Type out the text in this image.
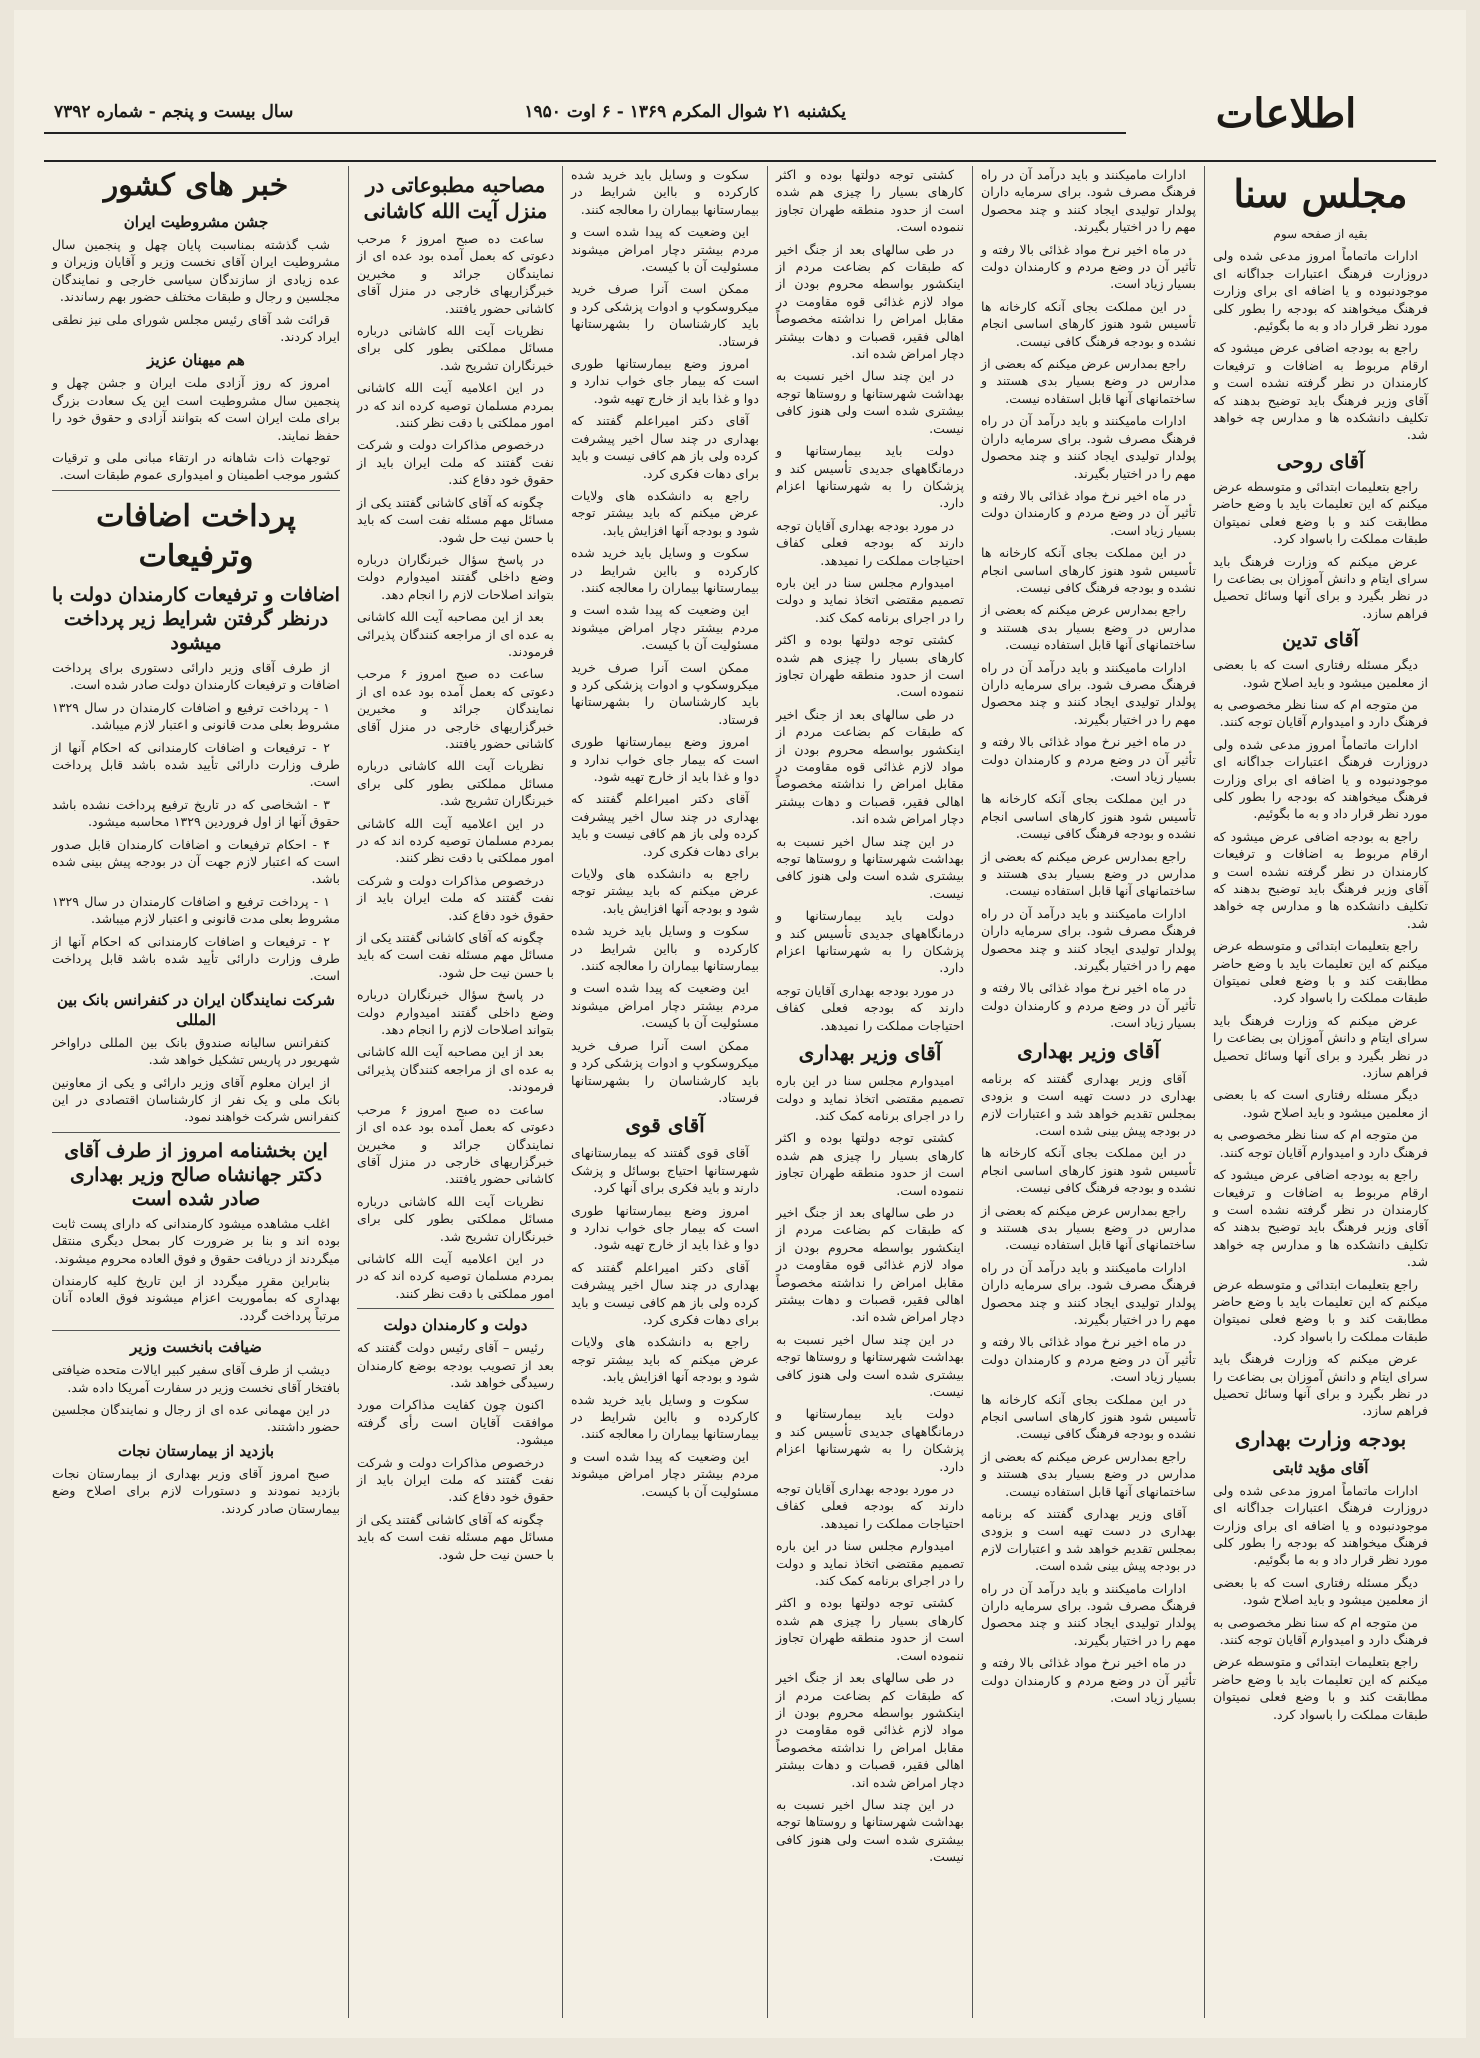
اطلاعات
یکشنبه ۲۱ شوال المکرم ۱۳۶۹ - ۶ اوت ۱۹۵۰
سال بیست و پنجم - شماره ۷۳۹۲
مجلس سنا
بقیه از صفحه سوم

ادارات ماتماماً امروز مدعی شده ولی دروزارت فرهنگ اعتبارات جداگانه ای موجودنبوده و یا اضافه ای برای وزارت فرهنگ میخواهند که بودجه را بطور کلی مورد نظر قرار داد و به ما بگوئیم.

راجع به بودجه اضافی عرض میشود که ارقام مربوط به اضافات و ترفیعات کارمندان در نظر گرفته نشده است و آقای وزیر فرهنگ باید توضیح بدهند که تکلیف دانشکده ها و مدارس چه خواهد شد.

آقای روحی

راجع بتعلیمات ابتدائی و متوسطه عرض میکنم که این تعلیمات باید با وضع حاضر مطابقت کند و با وضع فعلی نمیتوان طبقات مملکت را باسواد کرد.

عرض میکنم که وزارت فرهنگ باید سرای ایتام و دانش آموزان بی بضاعت را در نظر بگیرد و برای آنها وسائل تحصیل فراهم سازد.

آقای تدین

دیگر مسئله رفتاری است که با بعضی از معلمین میشود و باید اصلاح شود.

من متوجه ام که سنا نظر مخصوصی به فرهنگ دارد و امیدوارم آقایان توجه کنند.

ادارات ماتماماً امروز مدعی شده ولی دروزارت فرهنگ اعتبارات جداگانه ای موجودنبوده و یا اضافه ای برای وزارت فرهنگ میخواهند که بودجه را بطور کلی مورد نظر قرار داد و به ما بگوئیم.

راجع به بودجه اضافی عرض میشود که ارقام مربوط به اضافات و ترفیعات کارمندان در نظر گرفته نشده است و آقای وزیر فرهنگ باید توضیح بدهند که تکلیف دانشکده ها و مدارس چه خواهد شد.

راجع بتعلیمات ابتدائی و متوسطه عرض میکنم که این تعلیمات باید با وضع حاضر مطابقت کند و با وضع فعلی نمیتوان طبقات مملکت را باسواد کرد.

عرض میکنم که وزارت فرهنگ باید سرای ایتام و دانش آموزان بی بضاعت را در نظر بگیرد و برای آنها وسائل تحصیل فراهم سازد.

دیگر مسئله رفتاری است که با بعضی از معلمین میشود و باید اصلاح شود.

من متوجه ام که سنا نظر مخصوصی به فرهنگ دارد و امیدوارم آقایان توجه کنند.

راجع به بودجه اضافی عرض میشود که ارقام مربوط به اضافات و ترفیعات کارمندان در نظر گرفته نشده است و آقای وزیر فرهنگ باید توضیح بدهند که تکلیف دانشکده ها و مدارس چه خواهد شد.

راجع بتعلیمات ابتدائی و متوسطه عرض میکنم که این تعلیمات باید با وضع حاضر مطابقت کند و با وضع فعلی نمیتوان طبقات مملکت را باسواد کرد.

عرض میکنم که وزارت فرهنگ باید سرای ایتام و دانش آموزان بی بضاعت را در نظر بگیرد و برای آنها وسائل تحصیل فراهم سازد.

بودجه وزارت بهداری
آقای مؤید ثابتی

ادارات ماتماماً امروز مدعی شده ولی دروزارت فرهنگ اعتبارات جداگانه ای موجودنبوده و یا اضافه ای برای وزارت فرهنگ میخواهند که بودجه را بطور کلی مورد نظر قرار داد و به ما بگوئیم.

دیگر مسئله رفتاری است که با بعضی از معلمین میشود و باید اصلاح شود.

من متوجه ام که سنا نظر مخصوصی به فرهنگ دارد و امیدوارم آقایان توجه کنند.

راجع بتعلیمات ابتدائی و متوسطه عرض میکنم که این تعلیمات باید با وضع حاضر مطابقت کند و با وضع فعلی نمیتوان طبقات مملکت را باسواد کرد.

ادارات مامیکنند و باید درآمد آن در راه فرهنگ مصرف شود. برای سرمایه داران پولدار تولیدی ایجاد کنند و چند محصول مهم را در اختیار بگیرند.

در ماه اخیر نرخ مواد غذائی بالا رفته و تأثیر آن در وضع مردم و کارمندان دولت بسیار زیاد است.

در این مملکت بجای آنکه کارخانه ها تأسیس شود هنوز کارهای اساسی انجام نشده و بودجه فرهنگ کافی نیست.

راجع بمدارس عرض میکنم که بعضی از مدارس در وضع بسیار بدی هستند و ساختمانهای آنها قابل استفاده نیست.

ادارات مامیکنند و باید درآمد آن در راه فرهنگ مصرف شود. برای سرمایه داران پولدار تولیدی ایجاد کنند و چند محصول مهم را در اختیار بگیرند.

در ماه اخیر نرخ مواد غذائی بالا رفته و تأثیر آن در وضع مردم و کارمندان دولت بسیار زیاد است.

در این مملکت بجای آنکه کارخانه ها تأسیس شود هنوز کارهای اساسی انجام نشده و بودجه فرهنگ کافی نیست.

راجع بمدارس عرض میکنم که بعضی از مدارس در وضع بسیار بدی هستند و ساختمانهای آنها قابل استفاده نیست.

ادارات مامیکنند و باید درآمد آن در راه فرهنگ مصرف شود. برای سرمایه داران پولدار تولیدی ایجاد کنند و چند محصول مهم را در اختیار بگیرند.

در ماه اخیر نرخ مواد غذائی بالا رفته و تأثیر آن در وضع مردم و کارمندان دولت بسیار زیاد است.

در این مملکت بجای آنکه کارخانه ها تأسیس شود هنوز کارهای اساسی انجام نشده و بودجه فرهنگ کافی نیست.

راجع بمدارس عرض میکنم که بعضی از مدارس در وضع بسیار بدی هستند و ساختمانهای آنها قابل استفاده نیست.

ادارات مامیکنند و باید درآمد آن در راه فرهنگ مصرف شود. برای سرمایه داران پولدار تولیدی ایجاد کنند و چند محصول مهم را در اختیار بگیرند.

در ماه اخیر نرخ مواد غذائی بالا رفته و تأثیر آن در وضع مردم و کارمندان دولت بسیار زیاد است.

آقای وزیر بهداری

آقای وزیر بهداری گفتند که برنامه بهداری در دست تهیه است و بزودی بمجلس تقدیم خواهد شد و اعتبارات لازم در بودجه پیش بینی شده است.

در این مملکت بجای آنکه کارخانه ها تأسیس شود هنوز کارهای اساسی انجام نشده و بودجه فرهنگ کافی نیست.

راجع بمدارس عرض میکنم که بعضی از مدارس در وضع بسیار بدی هستند و ساختمانهای آنها قابل استفاده نیست.

ادارات مامیکنند و باید درآمد آن در راه فرهنگ مصرف شود. برای سرمایه داران پولدار تولیدی ایجاد کنند و چند محصول مهم را در اختیار بگیرند.

در ماه اخیر نرخ مواد غذائی بالا رفته و تأثیر آن در وضع مردم و کارمندان دولت بسیار زیاد است.

در این مملکت بجای آنکه کارخانه ها تأسیس شود هنوز کارهای اساسی انجام نشده و بودجه فرهنگ کافی نیست.

راجع بمدارس عرض میکنم که بعضی از مدارس در وضع بسیار بدی هستند و ساختمانهای آنها قابل استفاده نیست.

آقای وزیر بهداری گفتند که برنامه بهداری در دست تهیه است و بزودی بمجلس تقدیم خواهد شد و اعتبارات لازم در بودجه پیش بینی شده است.

ادارات مامیکنند و باید درآمد آن در راه فرهنگ مصرف شود. برای سرمایه داران پولدار تولیدی ایجاد کنند و چند محصول مهم را در اختیار بگیرند.

در ماه اخیر نرخ مواد غذائی بالا رفته و تأثیر آن در وضع مردم و کارمندان دولت بسیار زیاد است.

کشتی توجه دولتها بوده و اکثر کارهای بسیار را چیزی هم شده است از حدود منطقه طهران تجاوز ننموده است.

در طی سالهای بعد از جنگ اخیر که طبقات کم بضاعت مردم از اینکشور بواسطه محروم بودن از مواد لازم غذائی قوه مقاومت در مقابل امراض را نداشته مخصوصاً اهالی فقیر، قصبات و دهات بیشتر دچار امراض شده اند.

در این چند سال اخیر نسبت به بهداشت شهرستانها و روستاها توجه بیشتری شده است ولی هنوز کافی نیست.

دولت باید بیمارستانها و درمانگاههای جدیدی تأسیس کند و پزشکان را به شهرستانها اعزام دارد.

در مورد بودجه بهداری آقایان توجه دارند که بودجه فعلی کفاف احتیاجات مملکت را نمیدهد.

امیدوارم مجلس سنا در این باره تصمیم مقتضی اتخاذ نماید و دولت را در اجرای برنامه کمک کند.

کشتی توجه دولتها بوده و اکثر کارهای بسیار را چیزی هم شده است از حدود منطقه طهران تجاوز ننموده است.

در طی سالهای بعد از جنگ اخیر که طبقات کم بضاعت مردم از اینکشور بواسطه محروم بودن از مواد لازم غذائی قوه مقاومت در مقابل امراض را نداشته مخصوصاً اهالی فقیر، قصبات و دهات بیشتر دچار امراض شده اند.

در این چند سال اخیر نسبت به بهداشت شهرستانها و روستاها توجه بیشتری شده است ولی هنوز کافی نیست.

دولت باید بیمارستانها و درمانگاههای جدیدی تأسیس کند و پزشکان را به شهرستانها اعزام دارد.

در مورد بودجه بهداری آقایان توجه دارند که بودجه فعلی کفاف احتیاجات مملکت را نمیدهد.

آقای وزیر بهداری

امیدوارم مجلس سنا در این باره تصمیم مقتضی اتخاذ نماید و دولت را در اجرای برنامه کمک کند.

کشتی توجه دولتها بوده و اکثر کارهای بسیار را چیزی هم شده است از حدود منطقه طهران تجاوز ننموده است.

در طی سالهای بعد از جنگ اخیر که طبقات کم بضاعت مردم از اینکشور بواسطه محروم بودن از مواد لازم غذائی قوه مقاومت در مقابل امراض را نداشته مخصوصاً اهالی فقیر، قصبات و دهات بیشتر دچار امراض شده اند.

در این چند سال اخیر نسبت به بهداشت شهرستانها و روستاها توجه بیشتری شده است ولی هنوز کافی نیست.

دولت باید بیمارستانها و درمانگاههای جدیدی تأسیس کند و پزشکان را به شهرستانها اعزام دارد.

در مورد بودجه بهداری آقایان توجه دارند که بودجه فعلی کفاف احتیاجات مملکت را نمیدهد.

امیدوارم مجلس سنا در این باره تصمیم مقتضی اتخاذ نماید و دولت را در اجرای برنامه کمک کند.

کشتی توجه دولتها بوده و اکثر کارهای بسیار را چیزی هم شده است از حدود منطقه طهران تجاوز ننموده است.

در طی سالهای بعد از جنگ اخیر که طبقات کم بضاعت مردم از اینکشور بواسطه محروم بودن از مواد لازم غذائی قوه مقاومت در مقابل امراض را نداشته مخصوصاً اهالی فقیر، قصبات و دهات بیشتر دچار امراض شده اند.

در این چند سال اخیر نسبت به بهداشت شهرستانها و روستاها توجه بیشتری شده است ولی هنوز کافی نیست.

سکوت و وسایل باید خرید شده کارکرده و بااین شرایط در بیمارستانها بیماران را معالجه کنند.

این وضعیت که پیدا شده است و مردم بیشتر دچار امراض میشوند مسئولیت آن با کیست.

ممکن است آنرا صرف خرید میکروسکوپ و ادوات پزشکی کرد و باید کارشناسان را بشهرستانها فرستاد.

امروز وضع بیمارستانها طوری است که بیمار جای خواب ندارد و دوا و غذا باید از خارج تهیه شود.

آقای دکتر امیراعلم گفتند که بهداری در چند سال اخیر پیشرفت کرده ولی باز هم کافی نیست و باید برای دهات فکری کرد.

راجع به دانشکده های ولایات عرض میکنم که باید بیشتر توجه شود و بودجه آنها افزایش یابد.

سکوت و وسایل باید خرید شده کارکرده و بااین شرایط در بیمارستانها بیماران را معالجه کنند.

این وضعیت که پیدا شده است و مردم بیشتر دچار امراض میشوند مسئولیت آن با کیست.

ممکن است آنرا صرف خرید میکروسکوپ و ادوات پزشکی کرد و باید کارشناسان را بشهرستانها فرستاد.

امروز وضع بیمارستانها طوری است که بیمار جای خواب ندارد و دوا و غذا باید از خارج تهیه شود.

آقای دکتر امیراعلم گفتند که بهداری در چند سال اخیر پیشرفت کرده ولی باز هم کافی نیست و باید برای دهات فکری کرد.

راجع به دانشکده های ولایات عرض میکنم که باید بیشتر توجه شود و بودجه آنها افزایش یابد.

سکوت و وسایل باید خرید شده کارکرده و بااین شرایط در بیمارستانها بیماران را معالجه کنند.

این وضعیت که پیدا شده است و مردم بیشتر دچار امراض میشوند مسئولیت آن با کیست.

ممکن است آنرا صرف خرید میکروسکوپ و ادوات پزشکی کرد و باید کارشناسان را بشهرستانها فرستاد.

آقای قوی

آقای قوی گفتند که بیمارستانهای شهرستانها احتیاج بوسائل و پزشک دارند و باید فکری برای آنها کرد.

امروز وضع بیمارستانها طوری است که بیمار جای خواب ندارد و دوا و غذا باید از خارج تهیه شود.

آقای دکتر امیراعلم گفتند که بهداری در چند سال اخیر پیشرفت کرده ولی باز هم کافی نیست و باید برای دهات فکری کرد.

راجع به دانشکده های ولایات عرض میکنم که باید بیشتر توجه شود و بودجه آنها افزایش یابد.

سکوت و وسایل باید خرید شده کارکرده و بااین شرایط در بیمارستانها بیماران را معالجه کنند.

این وضعیت که پیدا شده است و مردم بیشتر دچار امراض میشوند مسئولیت آن با کیست.

مصاحبه مطبوعاتی در منزل آیت الله کاشانی

ساعت ده صبح امروز ۶ مرحب دعوتی که بعمل آمده بود عده ای از نمایندگان جرائد و مخبرین خبرگزاریهای خارجی در منزل آقای کاشانی حضور یافتند.

نظریات آیت الله کاشانی درباره مسائل مملکتی بطور کلی برای خبرنگاران تشریح شد.

در این اعلامیه آیت الله کاشانی بمردم مسلمان توصیه کرده اند که در امور مملکتی با دقت نظر کنند.

درخصوص مذاکرات دولت و شرکت نفت گفتند که ملت ایران باید از حقوق خود دفاع کند.

چگونه که آقای کاشانی گفتند یکی از مسائل مهم مسئله نفت است که باید با حسن نیت حل شود.

در پاسخ سؤال خبرنگاران درباره وضع داخلی گفتند امیدوارم دولت بتواند اصلاحات لازم را انجام دهد.

بعد از این مصاحبه آیت الله کاشانی به عده ای از مراجعه کنندگان پذیرائی فرمودند.

ساعت ده صبح امروز ۶ مرحب دعوتی که بعمل آمده بود عده ای از نمایندگان جرائد و مخبرین خبرگزاریهای خارجی در منزل آقای کاشانی حضور یافتند.

نظریات آیت الله کاشانی درباره مسائل مملکتی بطور کلی برای خبرنگاران تشریح شد.

در این اعلامیه آیت الله کاشانی بمردم مسلمان توصیه کرده اند که در امور مملکتی با دقت نظر کنند.

درخصوص مذاکرات دولت و شرکت نفت گفتند که ملت ایران باید از حقوق خود دفاع کند.

چگونه که آقای کاشانی گفتند یکی از مسائل مهم مسئله نفت است که باید با حسن نیت حل شود.

در پاسخ سؤال خبرنگاران درباره وضع داخلی گفتند امیدوارم دولت بتواند اصلاحات لازم را انجام دهد.

بعد از این مصاحبه آیت الله کاشانی به عده ای از مراجعه کنندگان پذیرائی فرمودند.

ساعت ده صبح امروز ۶ مرحب دعوتی که بعمل آمده بود عده ای از نمایندگان جرائد و مخبرین خبرگزاریهای خارجی در منزل آقای کاشانی حضور یافتند.

نظریات آیت الله کاشانی درباره مسائل مملکتی بطور کلی برای خبرنگاران تشریح شد.

در این اعلامیه آیت الله کاشانی بمردم مسلمان توصیه کرده اند که در امور مملکتی با دقت نظر کنند.

دولت و کارمندان دولت

رئیس – آقای رئیس دولت گفتند که بعد از تصویب بودجه بوضع کارمندان رسیدگی خواهد شد.

اکنون چون کفایت مذاکرات مورد موافقت آقایان است رأی گرفته میشود.

درخصوص مذاکرات دولت و شرکت نفت گفتند که ملت ایران باید از حقوق خود دفاع کند.

چگونه که آقای کاشانی گفتند یکی از مسائل مهم مسئله نفت است که باید با حسن نیت حل شود.

خبر های کشور
جشن مشروطیت ایران

شب گذشته بمناسبت پایان چهل و پنجمین سال مشروطیت ایران آقای نخست وزیر و آقایان وزیران و عده زیادی از سازندگان سیاسی خارجی و نمایندگان مجلسین و رجال و طبقات مختلف حضور بهم رساندند.

قرائت شد آقای رئیس مجلس شورای ملی نیز نطقی ایراد کردند.

هم میهنان عزیز

امروز که روز آزادی ملت ایران و جشن چهل و پنجمین سال مشروطیت است این یک سعادت بزرگ برای ملت ایران است که بتوانند آزادی و حقوق خود را حفظ نمایند.

توجهات ذات شاهانه در ارتقاء مبانی ملی و ترقیات کشور موجب اطمینان و امیدواری عموم طبقات است.

پرداخت اضافات وترفیعات
اضافات و ترفیعات کارمندان دولت با درنظر گرفتن شرایط زیر پرداخت میشود

از طرف آقای وزیر دارائی دستوری برای پرداخت اضافات و ترفیعات کارمندان دولت صادر شده است.

۱ - پرداخت ترفیع و اضافات کارمندان در سال ۱۳۲۹ مشروط بعلی مدت قانونی و اعتبار لازم میباشد.

۲ - ترفیعات و اضافات کارمندانی که احکام آنها از طرف وزارت دارائی تأیید شده باشد قابل پرداخت است.

۳ - اشخاصی که در تاریخ ترفیع پرداخت نشده باشد حقوق آنها از اول فروردین ۱۳۲۹ محاسبه میشود.

۴ - احکام ترفیعات و اضافات کارمندان قابل صدور است که اعتبار لازم جهت آن در بودجه پیش بینی شده باشد.

۱ - پرداخت ترفیع و اضافات کارمندان در سال ۱۳۲۹ مشروط بعلی مدت قانونی و اعتبار لازم میباشد.

۲ - ترفیعات و اضافات کارمندانی که احکام آنها از طرف وزارت دارائی تأیید شده باشد قابل پرداخت است.

شرکت نمایندگان ایران در کنفرانس بانک بین المللی

کنفرانس سالیانه صندوق بانک بین المللی دراواخر شهریور در پاریس تشکیل خواهد شد.

از ایران معلوم آقای وزیر دارائی و یکی از معاونین بانک ملی و یک نفر از کارشناسان اقتصادی در این کنفرانس شرکت خواهند نمود.

این بخشنامه امروز از طرف آقای دکتر جهانشاه صالح وزیر بهداری صادر شده است

اغلب مشاهده میشود کارمندانی که دارای پست ثابت بوده اند و بنا بر ضرورت کار بمحل دیگری منتقل میگردند از دریافت حقوق و فوق العاده محروم میشوند.

بنابراین مقرر میگردد از این تاریخ کلیه کارمندان بهداری که بمأموریت اعزام میشوند فوق العاده آنان مرتباً پرداخت گردد.

ضیافت بانخست وزیر

دیشب از طرف آقای سفیر کبیر ایالات متحده ضیافتی بافتخار آقای نخست وزیر در سفارت آمریکا داده شد.

در این مهمانی عده ای از رجال و نمایندگان مجلسین حضور داشتند.

بازدید از بیمارستان نجات

صبح امروز آقای وزیر بهداری از بیمارستان نجات بازدید نمودند و دستورات لازم برای اصلاح وضع بیمارستان صادر کردند.
